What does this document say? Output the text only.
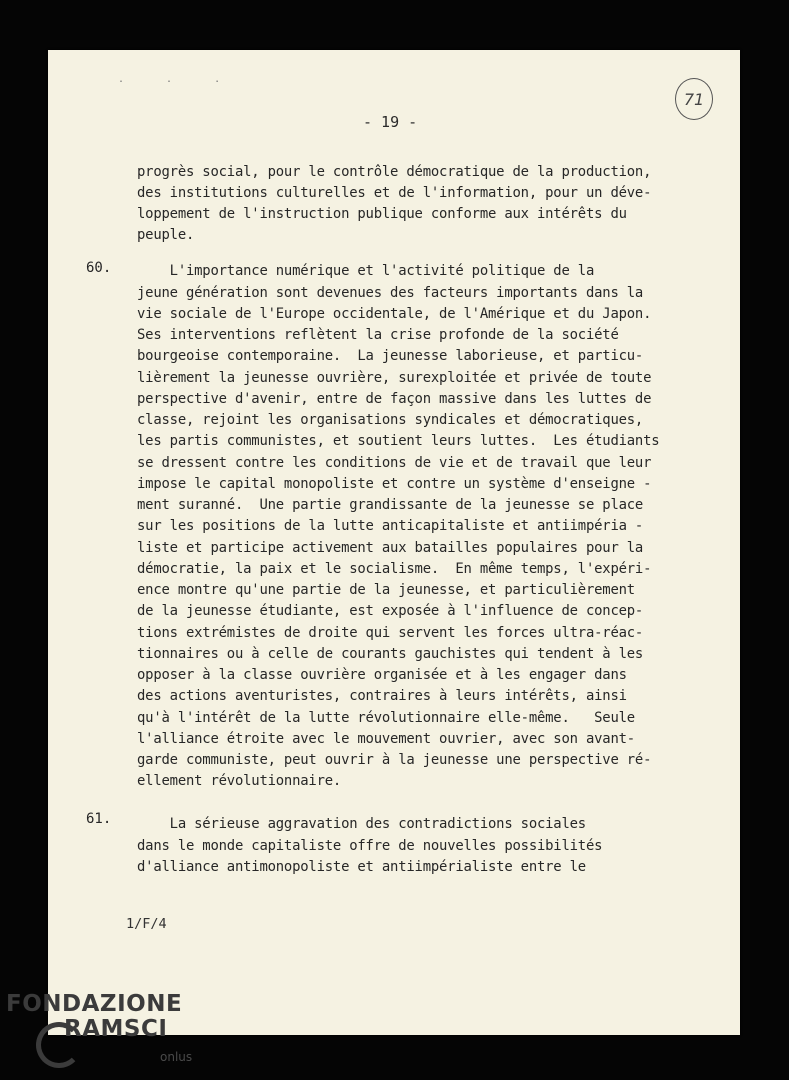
. . .
- 19 -
71
progrès social, pour le contrôle démocratique de la production,
des institutions culturelles et de l'information, pour un déve-
loppement de l'instruction publique conforme aux intérêts du
peuple.
60. L'importance numérique et l'activité politique de la
jeune génération sont devenues des facteurs importants dans la
vie sociale de l'Europe occidentale, de l'Amérique et du Japon.
Ses interventions reflètent la crise profonde de la société
bourgeoise contemporaine.  La jeunesse laborieuse, et particu-
lièrement la jeunesse ouvrière, surexploitée et privée de toute
perspective d'avenir, entre de façon massive dans les luttes de
classe, rejoint les organisations syndicales et démocratiques,
les partis communistes, et soutient leurs luttes.  Les étudiants
se dressent contre les conditions de vie et de travail que leur
impose le capital monopoliste et contre un système d'enseigne -
ment suranné.  Une partie grandissante de la jeunesse se place
sur les positions de la lutte anticapitaliste et antiimpéria -
liste et participe activement aux batailles populaires pour la
démocratie, la paix et le socialisme.  En même temps, l'expéri-
ence montre qu'une partie de la jeunesse, et particulièrement
de la jeunesse étudiante, est exposée à l'influence de concep-
tions extrémistes de droite qui servent les forces ultra-réac-
tionnaires ou à celle de courants gauchistes qui tendent à les
opposer à la classe ouvrière organisée et à les engager dans
des actions aventuristes, contraires à leurs intérêts, ainsi
qu'à l'intérêt de la lutte révolutionnaire elle-même.   Seule
l'alliance étroite avec le mouvement ouvrier, avec son avant-
garde communiste, peut ouvrir à la jeunesse une perspective ré-
ellement révolutionnaire.
61. La sérieuse aggravation des contradictions sociales
dans le monde capitaliste offre de nouvelles possibilités
d'alliance antimonopoliste et antiimpérialiste entre le
1/F/4
FONDAZIONE
RAMSCI
onlus
